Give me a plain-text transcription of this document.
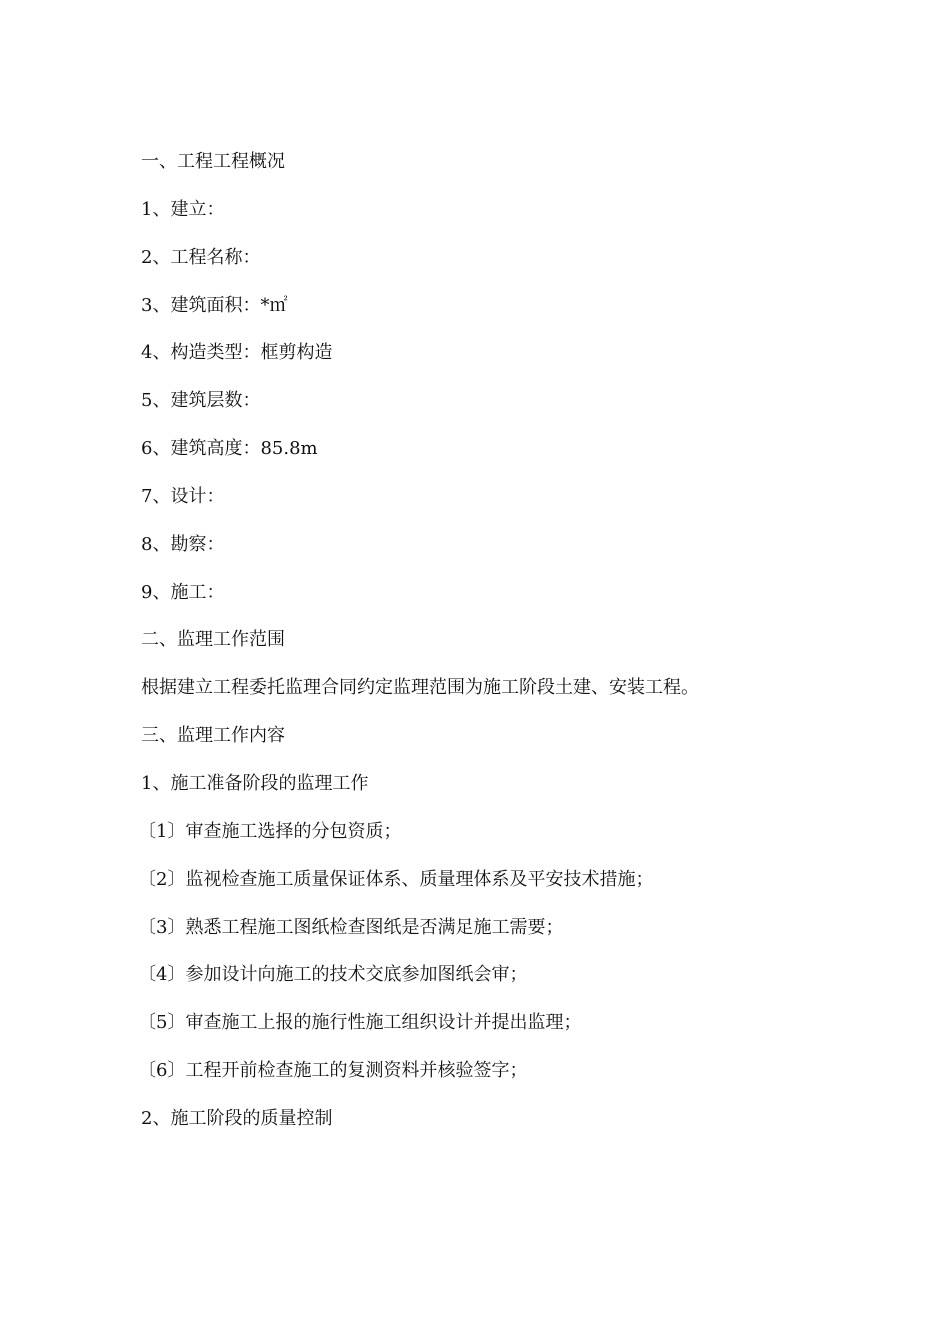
一、工程工程概况

1、建立：

2、工程名称：

3、建筑面积：*㎡

4、构造类型：框剪构造

5、建筑层数：

6、建筑高度：85.8m

7、设计：

8、勘察：

9、施工：

二、监理工作范围

根据建立工程委托监理合同约定监理范围为施工阶段土建、安装工程。

三、监理工作内容

1、施工准备阶段的监理工作

〔1〕审查施工选择的分包资质；

〔2〕监视检查施工质量保证体系、质量理体系及平安技术措施；

〔3〕熟悉工程施工图纸检查图纸是否满足施工需要；

〔4〕参加设计向施工的技术交底参加图纸会审；

〔5〕审查施工上报的施行性施工组织设计并提出监理；

〔6〕工程开前检查施工的复测资料并核验签字；

2、施工阶段的质量控制
